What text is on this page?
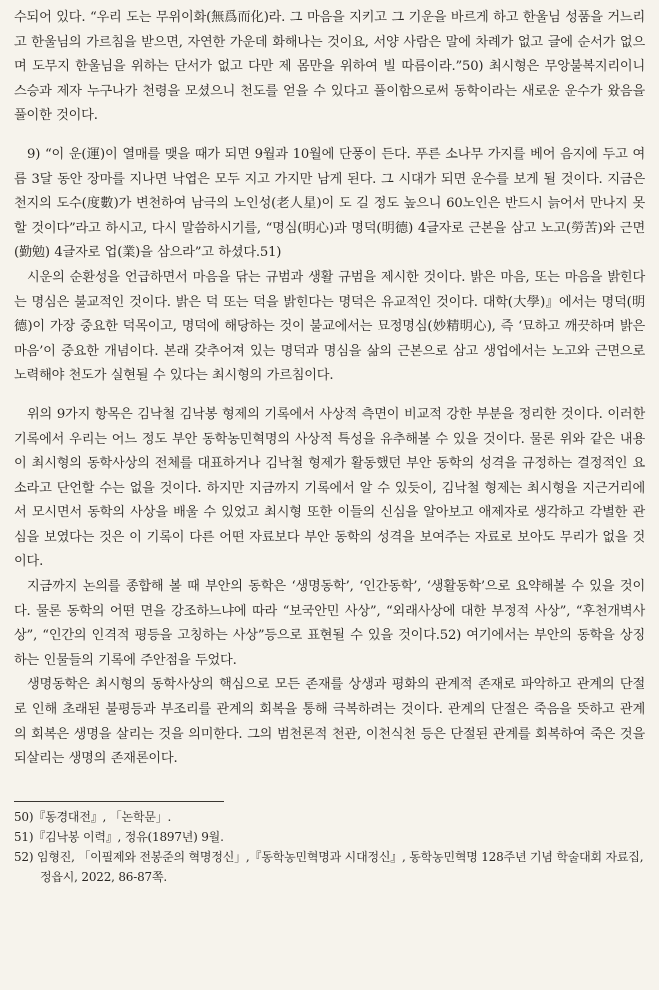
수되어 있다. “우리 도는 무위이화(無爲而化)라. 그 마음을 지키고 그 기운을 바르게 하고 한울님 성품을 거느리고 한울님의 가르침을 받으면, 자연한 가운데 화해나는 것이요, 서양 사람은 말에 차례가 없고 글에 순서가 없으며 도무지 한울님을 위하는 단서가 없고 다만 제 몸만을 위하여 빌 따름이라.”50) 최시형은 무앙불복지리이니 스승과 제자 누구나가 천령을 모셨으니 천도를 얻을 수 있다고 풀이함으로써 동학이라는 새로운 운수가 왔음을 풀이한 것이다.

9) “이 운(運)이 열매를 맺을 때가 되면 9월과 10월에 단풍이 든다. 푸른 소나무 가지를 베어 음지에 두고 여름 3달 동안 장마를 지나면 낙엽은 모두 지고 가지만 남게 된다. 그 시대가 되면 운수를 보게 될 것이다. 지금은 천지의 도수(度數)가 변천하여 남극의 노인성(老人星)이 도 길 정도 높으니 60노인은 반드시 늙어서 만나지 못할 것이다”라고 하시고, 다시 말씀하시기를, “명심(明心)과 명덕(明德) 4글자로 근본을 삼고 노고(勞苦)와 근면(勤勉) 4글자로 업(業)을 삼으라”고 하셨다.51)

시운의 순환성을 언급하면서 마음을 닦는 규범과 생활 규범을 제시한 것이다. 밝은 마음, 또는 마음을 밝힌다는 명심은 불교적인 것이다. 밝은 덕 또는 덕을 밝힌다는 명덕은 유교적인 것이다. 대학(大學)』에서는 명덕(明德)이 가장 중요한 덕목이고, 명덕에 해당하는 것이 불교에서는 묘정명심(妙精明心), 즉 ‘묘하고 깨끗하며 밝은 마음’이 중요한 개념이다. 본래 갖추어져 있는 명덕과 명심을 삶의 근본으로 삼고 생업에서는 노고와 근면으로 노력해야 천도가 실현될 수 있다는 최시형의 가르침이다.

위의 9가지 항목은 김낙철 김낙봉 형제의 기록에서 사상적 측면이 비교적 강한 부분을 정리한 것이다. 이러한 기록에서 우리는 어느 정도 부안 동학농민혁명의 사상적 특성을 유추해볼 수 있을 것이다. 물론 위와 같은 내용이 최시형의 동학사상의 전체를 대표하거나 김낙철 형제가 활동했던 부안 동학의 성격을 규정하는 결정적인 요소라고 단언할 수는 없을 것이다. 하지만 지금까지 기록에서 알 수 있듯이, 김낙철 형제는 최시형을 지근거리에서 모시면서 동학의 사상을 배울 수 있었고 최시형 또한 이들의 신심을 알아보고 애제자로 생각하고 각별한 관심을 보였다는 것은 이 기록이 다른 어떤 자료보다 부안 동학의 성격을 보여주는 자료로 보아도 무리가 없을 것이다.

지금까지 논의를 종합해 볼 때 부안의 동학은 ‘생명동학’, ‘인간동학’, ‘생활동학’으로 요약해볼 수 있을 것이다. 물론 동학의 어떤 면을 강조하느냐에 따라 “보국안민 사상”, “외래사상에 대한 부정적 사상”, “후천개벽사상”, “인간의 인격적 평등을 고칭하는 사상”등으로 표현될 수 있을 것이다.52) 여기에서는 부안의 동학을 상징하는 인물들의 기록에 주안점을 두었다.

생명동학은 최시형의 동학사상의 핵심으로 모든 존재를 상생과 평화의 관계적 존재로 파악하고 관계의 단절로 인해 초래된 불평등과 부조리를 관계의 회복을 통해 극복하려는 것이다. 관계의 단절은 죽음을 뜻하고 관계의 회복은 생명을 살리는 것을 의미한다. 그의 범천론적 천관, 이천식천 등은 단절된 관계를 회복하여 죽은 것을 되살리는 생명의 존재론이다.

50)『동경대전』, 「논학문」.

51)『김낙봉 이력』, 정유(1897년) 9월.

52) 임형진, 「이필제와 전봉준의 혁명정신」,『동학농민혁명과 시대정신』, 동학농민혁명 128주년 기념 학술대회 자료집, 정읍시, 2022, 86-87쪽.
